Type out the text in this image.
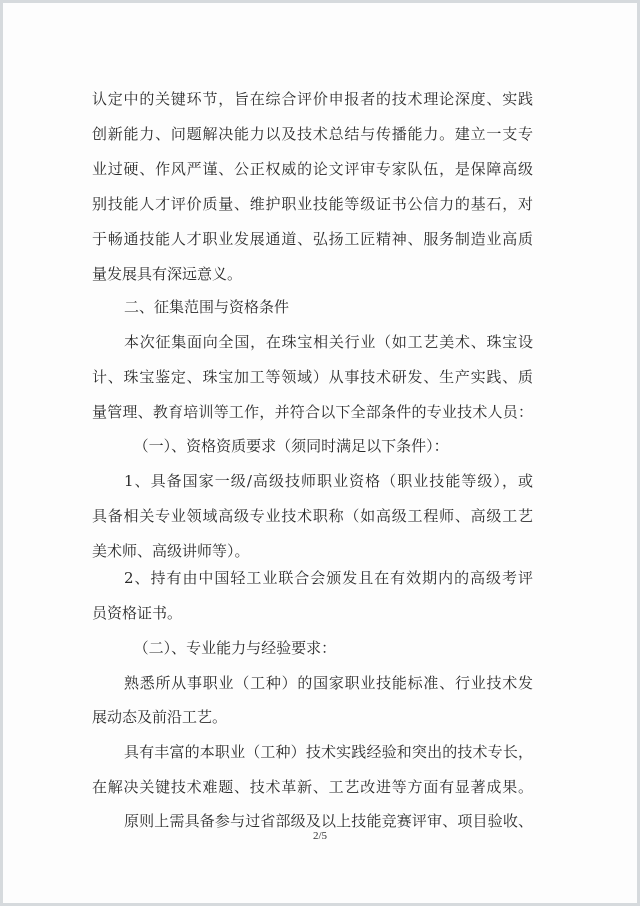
认定中的关键环节，旨在综合评价申报者的技术理论深度、实践
创新能力、问题解决能力以及技术总结与传播能力。建立一支专
业过硬、作风严谨、公正权威的论文评审专家队伍，是保障高级
别技能人才评价质量、维护职业技能等级证书公信力的基石，对
于畅通技能人才职业发展通道、弘扬工匠精神、服务制造业高质
量发展具有深远意义。
二、征集范围与资格条件
本次征集面向全国，在珠宝相关行业（如工艺美术、珠宝设
计、珠宝鉴定、珠宝加工等领域）从事技术研发、生产实践、质
量管理、教育培训等工作，并符合以下全部条件的专业技术人员：
（一）、资格资质要求（须同时满足以下条件）：
1、具备国家一级/高级技师职业资格（职业技能等级），或
具备相关专业领域高级专业技术职称（如高级工程师、高级工艺
美术师、高级讲师等）。
2、持有由中国轻工业联合会颁发且在有效期内的高级考评
员资格证书。
（二）、专业能力与经验要求：
熟悉所从事职业（工种）的国家职业技能标准、行业技术发
展动态及前沿工艺。
具有丰富的本职业（工种）技术实践经验和突出的技术专长，
在解决关键技术难题、技术革新、工艺改进等方面有显著成果。
原则上需具备参与过省部级及以上技能竞赛评审、项目验收、
2/5
